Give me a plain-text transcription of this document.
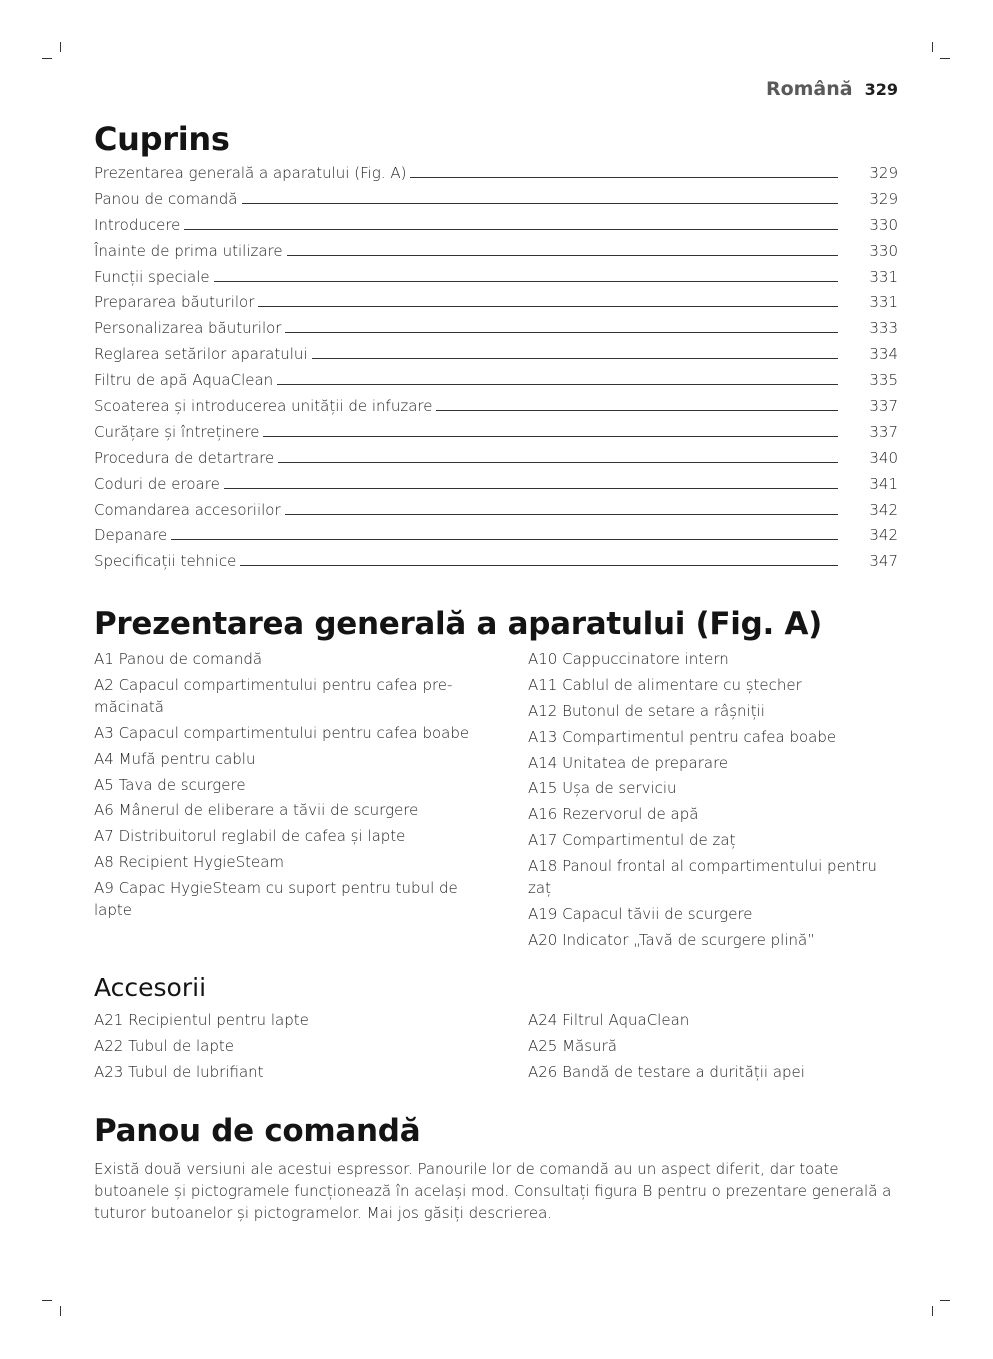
Română 329
Cuprins
Prezentarea generală a aparatului (Fig. A)	329
Panou de comandă	329
Introducere	330
Înainte de prima utilizare	330
Funcții speciale	331
Prepararea băuturilor	331
Personalizarea băuturilor	333
Reglarea setărilor aparatului	334
Filtru de apă AquaClean	335
Scoaterea și introducerea unității de infuzare	337
Curățare și întreținere	337
Procedura de detartrare	340
Coduri de eroare	341
Comandarea accesoriilor	342
Depanare	342
Specificații tehnice	347
Prezentarea generală a aparatului (Fig. A)
A1 Panou de comandă
A2 Capacul compartimentului pentru cafea pre-măcinată
A3 Capacul compartimentului pentru cafea boabe
A4 Mufă pentru cablu
A5 Tava de scurgere
A6 Mânerul de eliberare a tăvii de scurgere
A7 Distribuitorul reglabil de cafea și lapte
A8 Recipient HygieSteam
A9 Capac HygieSteam cu suport pentru tubul de lapte
A10 Cappuccinatore intern
A11 Cablul de alimentare cu ștecher
A12 Butonul de setare a râșniții
A13 Compartimentul pentru cafea boabe
A14 Unitatea de preparare
A15 Ușa de serviciu
A16 Rezervorul de apă
A17 Compartimentul de zaț
A18 Panoul frontal al compartimentului pentru zaț
A19 Capacul tăvii de scurgere
A20 Indicator „Tavă de scurgere plină”
Accesorii
A21 Recipientul pentru lapte
A22 Tubul de lapte
A23 Tubul de lubrifiant
A24 Filtrul AquaClean
A25 Măsură
A26 Bandă de testare a durității apei
Panou de comandă

Există două versiuni ale acestui espressor. Panourile lor de comandă au un aspect diferit, dar toate butoanele și pictogramele funcționează în același mod. Consultați figura B pentru o prezentare generală a tuturor butoanelor și pictogramelor. Mai jos găsiți descrierea.
